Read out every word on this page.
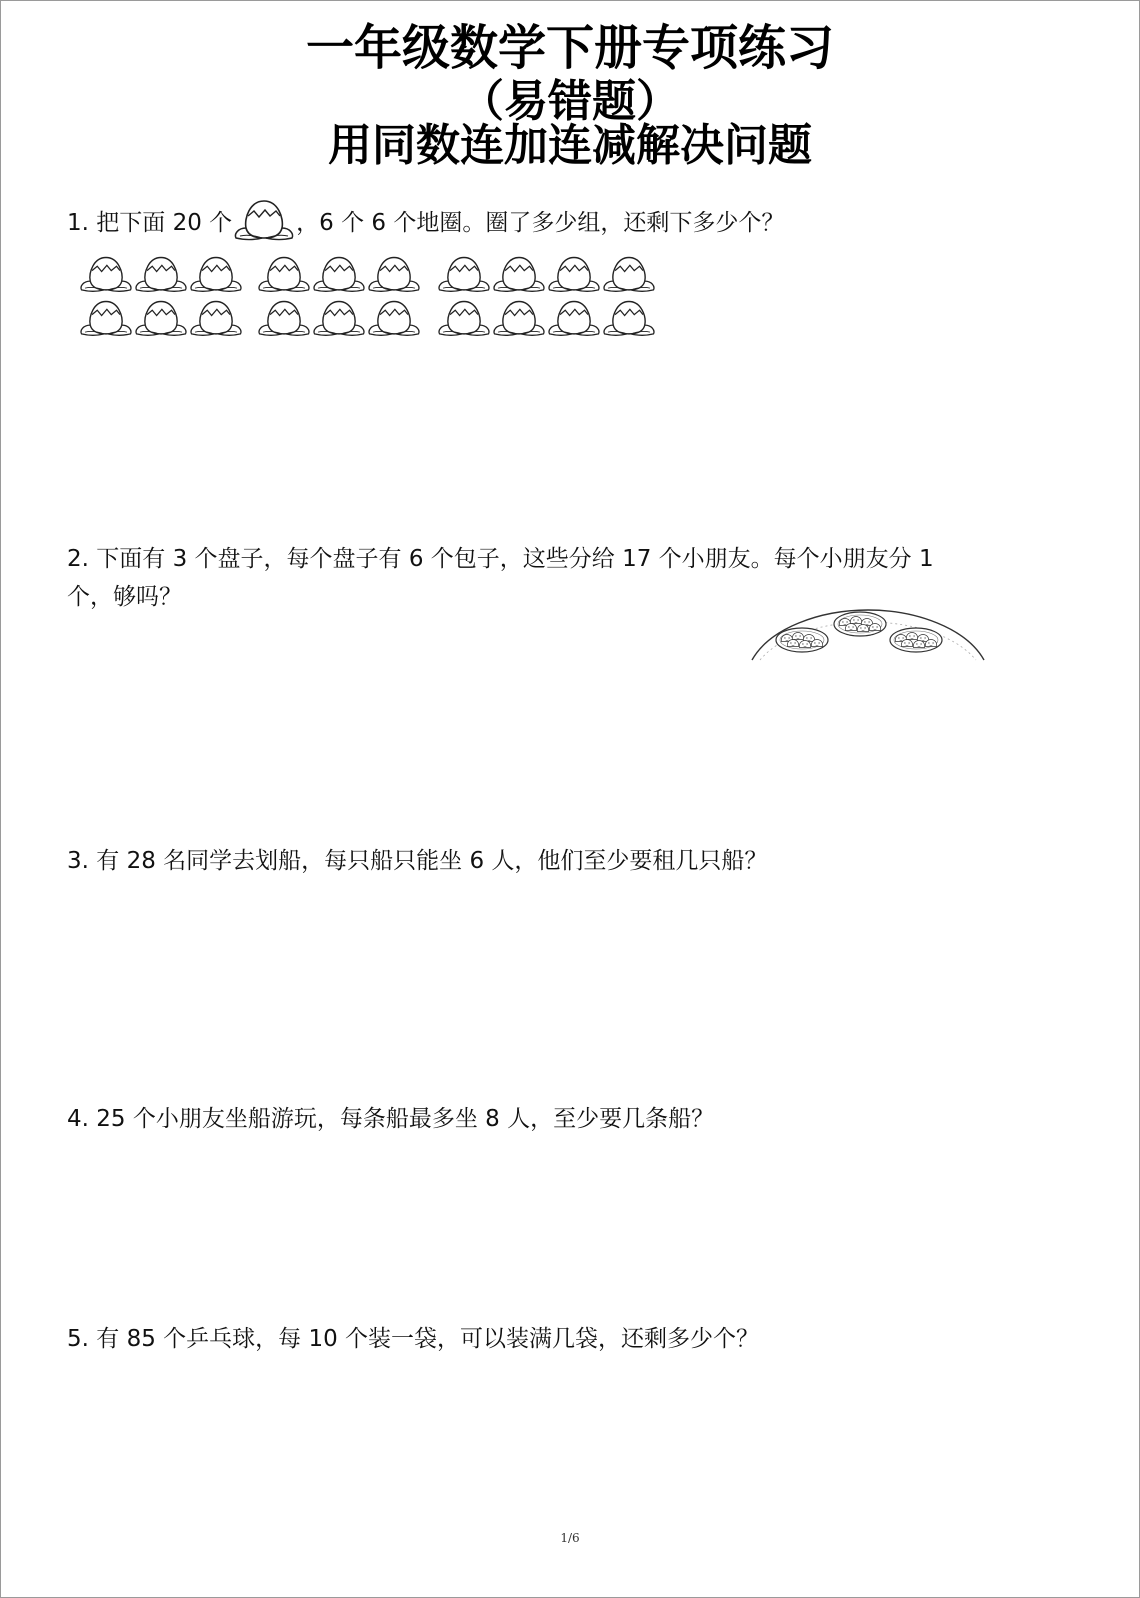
一年级数学下册专项练习
（易错题）
用同数连加连减解决问题
1. 把下面 20 个	，6 个 6 个地圈。圈了多少组，还剩下多少个？
2. 下面有 3 个盘子，每个盘子有 6 个包子，这些分给 17 个小朋友。每个小朋友分 1
个，够吗？
3. 有 28 名同学去划船，每只船只能坐 6 人，他们至少要租几只船？
4. 25 个小朋友坐船游玩，每条船最多坐 8 人，至少要几条船？
5. 有 85 个乒乓球，每 10 个装一袋，可以装满几袋，还剩多少个？
1/6
